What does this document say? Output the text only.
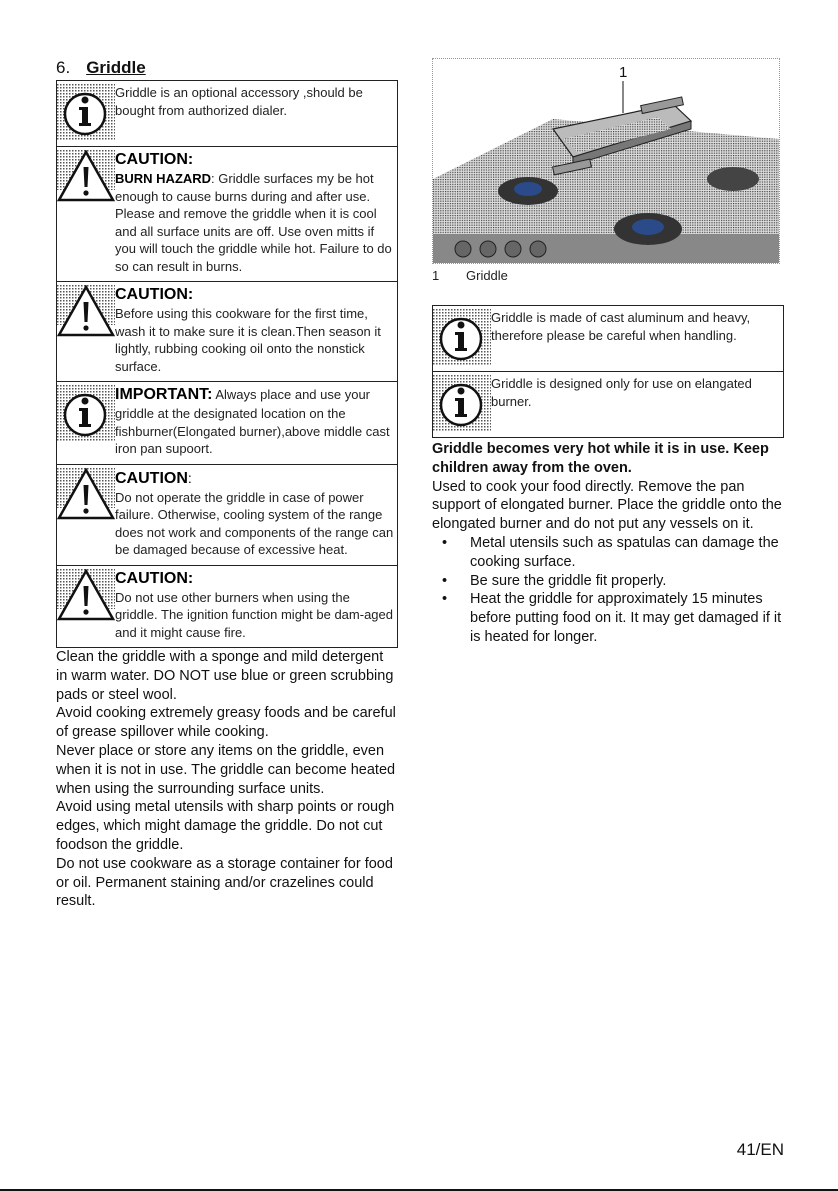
6. Griddle
Griddle is an optional accessory ,should be bought from authorized dialer.

CAUTION:
BURN HAZARD: Griddle surfaces my be hot enough to cause burns during and after use. Please and remove the griddle when it is cool and all surface units are off. Use oven mitts if you will touch the griddle while hot. Failure to do so can result in burns.
CAUTION:
Before using this cookware for the first time, wash it to make sure it is clean.Then season it lightly, rubbing cooking oil onto the nonstick surface.
IMPORTANT: Always place and use your griddle at the designated location on the fishburner(Elongated burner),above middle cast iron pan supoort.
CAUTION:
Do not operate the griddle in case of power failure. Otherwise, cooling system of the range does not work and components of the range can be damaged because of excessive heat.
CAUTION:
Do not use other burners when using the griddle. The ignition function might be dam-aged and it might cause fire.

Clean the griddle with a sponge and mild detergent in warm water. DO NOT use blue or green scrubbing pads or steel wool.

Avoid cooking extremely greasy foods and be careful of grease spillover while cooking.

Never place or store any items on the griddle, even when it is not in use. The griddle can become heated when using the surrounding surface units.

Avoid using metal utensils with sharp points or rough edges, which might damage the griddle. Do not cut foodson the griddle.

Do not use cookware as a storage container for food or oil. Permanent staining and/or crazelines could result.

1
1	Griddle
Griddle is made of cast aluminum and heavy, therefore please be careful when handling.

Griddle is designed only for use on elangated burner.

Griddle becomes very hot while it is in use. Keep children away from the oven.
Used to cook your food directly. Remove the pan support of elongated burner. Place the griddle onto the elongated burner and do not put any vessels on it.
•	Metal utensils such as spatulas can damage the cooking surface.
•	Be sure the griddle fit properly.
•	Heat the griddle for approximately 15 minutes before putting food on it. It may get damaged if it is heated for longer.
41/EN
